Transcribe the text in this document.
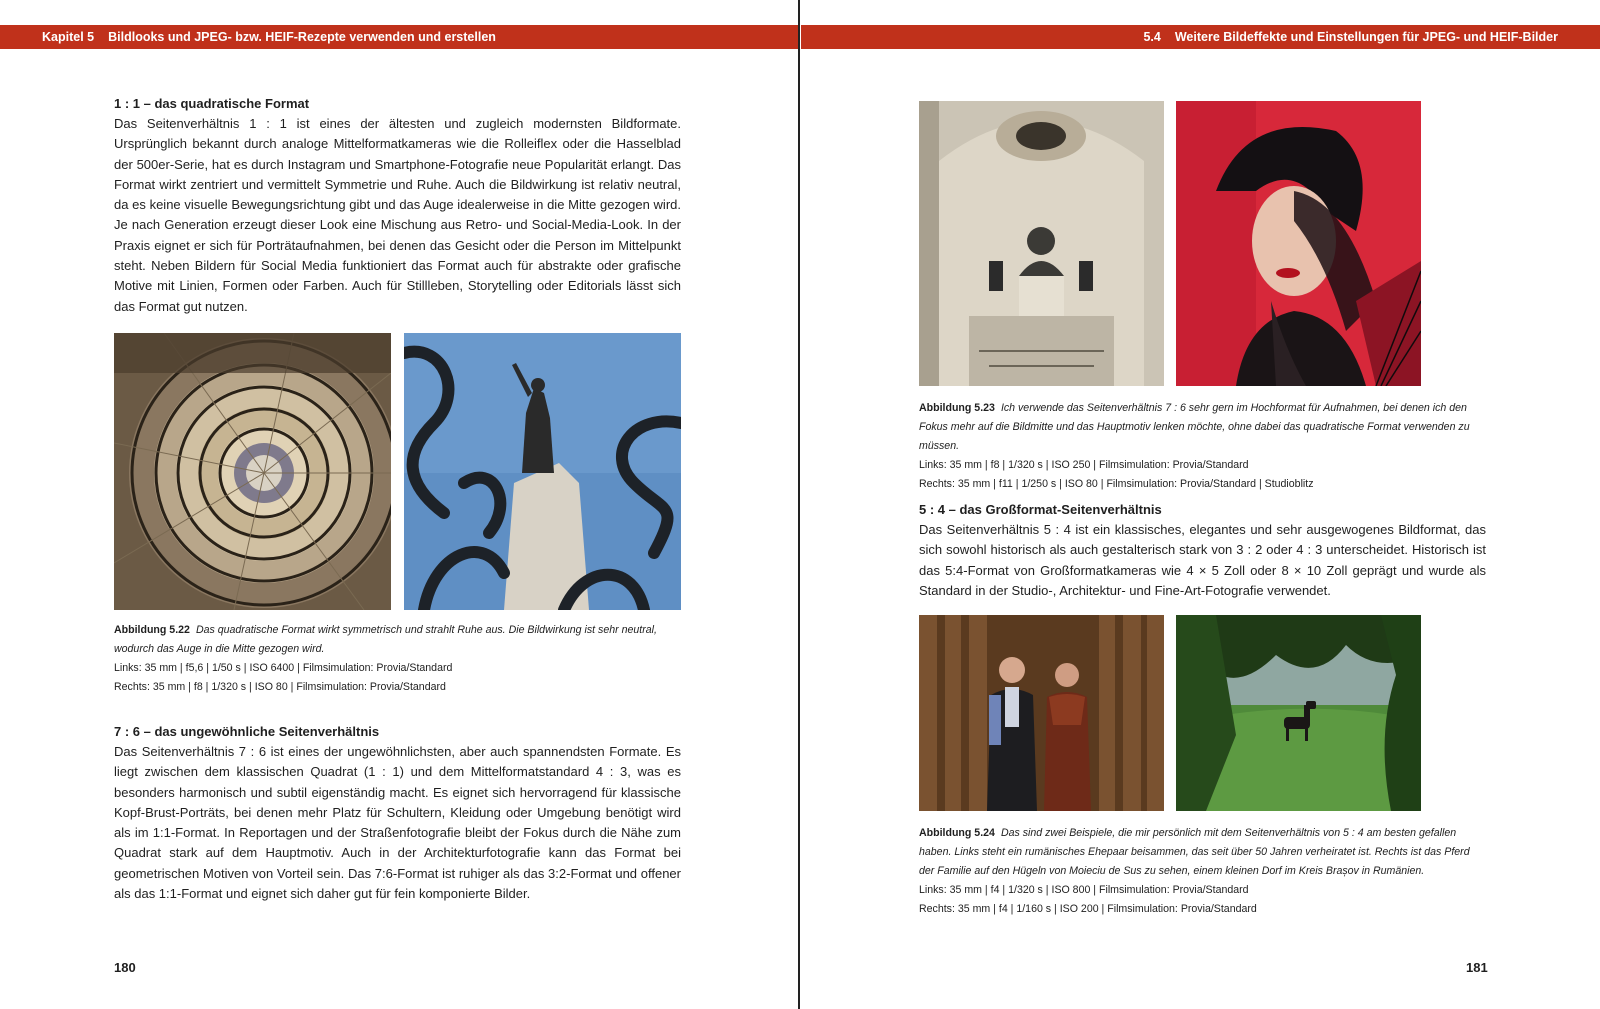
Kapitel 5 Bildlooks und JPEG- bzw. HEIF-Rezepte verwenden und erstellen	5.4 Weitere Bildeffekte und Einstellungen für JPEG- und HEIF-Bilder

1 : 1 – das quadratische Format

Das Seitenverhältnis 1 : 1 ist eines der ältesten und zugleich modernsten Bildformate. Ursprünglich bekannt durch analoge Mittelformatkameras wie die Rolleiflex oder die Hasselblad der 500er-Serie, hat es durch Instagram und Smartphone-Fotografie neue Popularität erlangt. Das Format wirkt zentriert und vermittelt Symmetrie und Ruhe. Auch die Bildwirkung ist relativ neutral, da es keine visuelle Bewegungsrichtung gibt und das Auge idealerweise in die Mitte gezogen wird. Je nach Generation erzeugt dieser Look eine Mischung aus Retro- und Social-Media-Look. In der Praxis eignet er sich für Porträtaufnahmen, bei denen das Gesicht oder die Person im Mittelpunkt steht. Neben Bildern für Social Media funktioniert das Format auch für abstrakte oder grafische Motive mit Linien, Formen oder Farben. Auch für Stillleben, Storytelling oder Editorials lässt sich das Format gut nutzen.

Abbildung 5.22 Das quadratische Format wirkt symmetrisch und strahlt Ruhe aus. Die Bildwirkung ist sehr neutral, wodurch das Auge in die Mitte gezogen wird.

Links: 35 mm | f5,6 | 1/50 s | ISO 6400 | Filmsimulation: Provia/Standard

Rechts: 35 mm | f8 | 1/320 s | ISO 80 | Filmsimulation: Provia/Standard

7 : 6 – das ungewöhnliche Seitenverhältnis

Das Seitenverhältnis 7 : 6 ist eines der ungewöhnlichsten, aber auch spannendsten Formate. Es liegt zwischen dem klassischen Quadrat (1 : 1) und dem Mittelformatstandard 4 : 3, was es besonders harmonisch und subtil eigenständig macht. Es eignet sich hervorragend für klassische Kopf-Brust-Porträts, bei denen mehr Platz für Schultern, Kleidung oder Umgebung benötigt wird als im 1:1-Format. In Reportagen und der Straßenfotografie bleibt der Fokus durch die Nähe zum Quadrat stark auf dem Hauptmotiv. Auch in der Architekturfotografie kann das Format bei geometrischen Motiven von Vorteil sein. Das 7:6-Format ist ruhiger als das 3:2-Format und offener als das 1:1-Format und eignet sich daher gut für fein komponierte Bilder.

180

Abbildung 5.23 Ich verwende das Seitenverhältnis 7 : 6 sehr gern im Hochformat für Aufnahmen, bei denen ich den Fokus mehr auf die Bildmitte und das Hauptmotiv lenken möchte, ohne dabei das quadratische Format verwenden zu müssen.

Links: 35 mm | f8 | 1/320 s | ISO 250 | Filmsimulation: Provia/Standard

Rechts: 35 mm | f11 | 1/250 s | ISO 80 | Filmsimulation: Provia/Standard | Studioblitz

5 : 4 – das Großformat-Seitenverhältnis

Das Seitenverhältnis 5 : 4 ist ein klassisches, elegantes und sehr ausgewogenes Bildformat, das sich sowohl historisch als auch gestalterisch stark von 3 : 2 oder 4 : 3 unterscheidet. Historisch ist das 5:4-Format von Großformatkameras wie 4 × 5 Zoll oder 8 × 10 Zoll geprägt und wurde als Standard in der Studio-, Architektur- und Fine-Art-Fotografie verwendet.

Abbildung 5.24 Das sind zwei Beispiele, die mir persönlich mit dem Seitenverhältnis von 5 : 4 am besten gefallen haben. Links steht ein rumänisches Ehepaar beisammen, das seit über 50 Jahren verheiratet ist. Rechts ist das Pferd der Familie auf den Hügeln von Moieciu de Sus zu sehen, einem kleinen Dorf im Kreis Brașov in Rumänien.

Links: 35 mm | f4 | 1/320 s | ISO 800 | Filmsimulation: Provia/Standard

Rechts: 35 mm | f4 | 1/160 s | ISO 200 | Filmsimulation: Provia/Standard

181
